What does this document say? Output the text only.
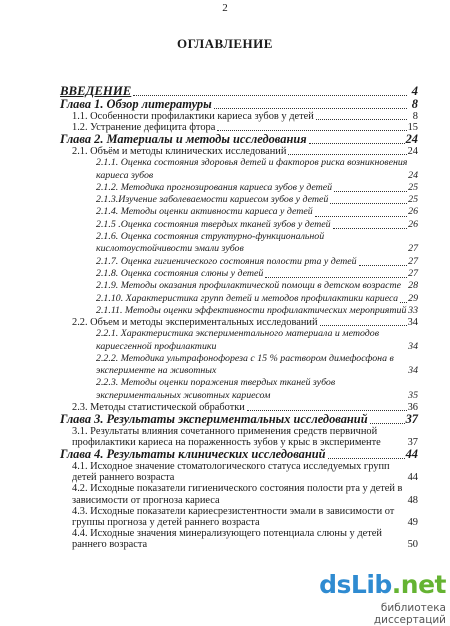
2
ОГЛАВЛЕНИЕ
ВВЕДЕНИЕ	4
Глава 1. Обзор литературы	8
1.1. Особенности профилактики кариеса зубов у детей	8
1.2. Устранение дефицита фтора	15
Глава 2. Материалы и методы исследования	24
2.1. Объём и методы клинических исследований	24
2.1.1. Оценка состояния здоровья детей и факторов риска возникновения кариеса зубов	24
2.1.2. Методика прогнозирования кариеса зубов у детей	25
2.1.3.Изучение заболеваемости кариесом зубов у детей	25
2.1.4. Методы оценки активности кариеса у детей	26
2.1.5 .Оценка состояния твердых тканей зубов у детей	26
2.1.6. Оценка состояния структурно-функциональной кислотоустойчивости эмали зубов	27
2.1.7. Оценка гигиенического состояния полости рта у детей	27
2.1.8. Оценка состояния слюны у детей	27
2.1.9. Методы оказания профилактической помощи в детском возрасте 28
2.1.10. Характеристика групп детей и методов профилактики кариеса 29
2.1.11. Методы оценки эффективности профилактических мероприятий 33
2.2. Объем и методы экспериментальных исследований	34
2.2.1. Характеристика экспериментального материала и методов кариесгенной профилактики	34
2.2.2. Методика ультрафонофореза с 15 % раствором димефосфона в эксперименте на животных	34
2.2.3. Методы оценки поражения твердых тканей зубов экспериментальных животных кариесом	35
2.3. Методы статистической обработки	36
Глава 3. Результаты экспериментальных исследований	37
3.1. Результаты влияния сочетанного применения средств первичной профилактики кариеса на пораженность зубов у крыс в эксперименте	37
Глава 4. Результаты клинических исследований	44
4.1. Исходное значение стоматологического статуса исследуемых групп детей раннего возраста	44
4.2. Исходные показатели гигиенического состояния полости рта у детей в зависимости от прогноза кариеса	48
4.3. Исходные показатели кариесрезистентности эмали в зависимости от группы прогноза у детей раннего возраста	49
4.4. Исходные значения минерализующего потенциала слюны у детей раннего возраста	50
dsLib.net
библиотека диссертаций
